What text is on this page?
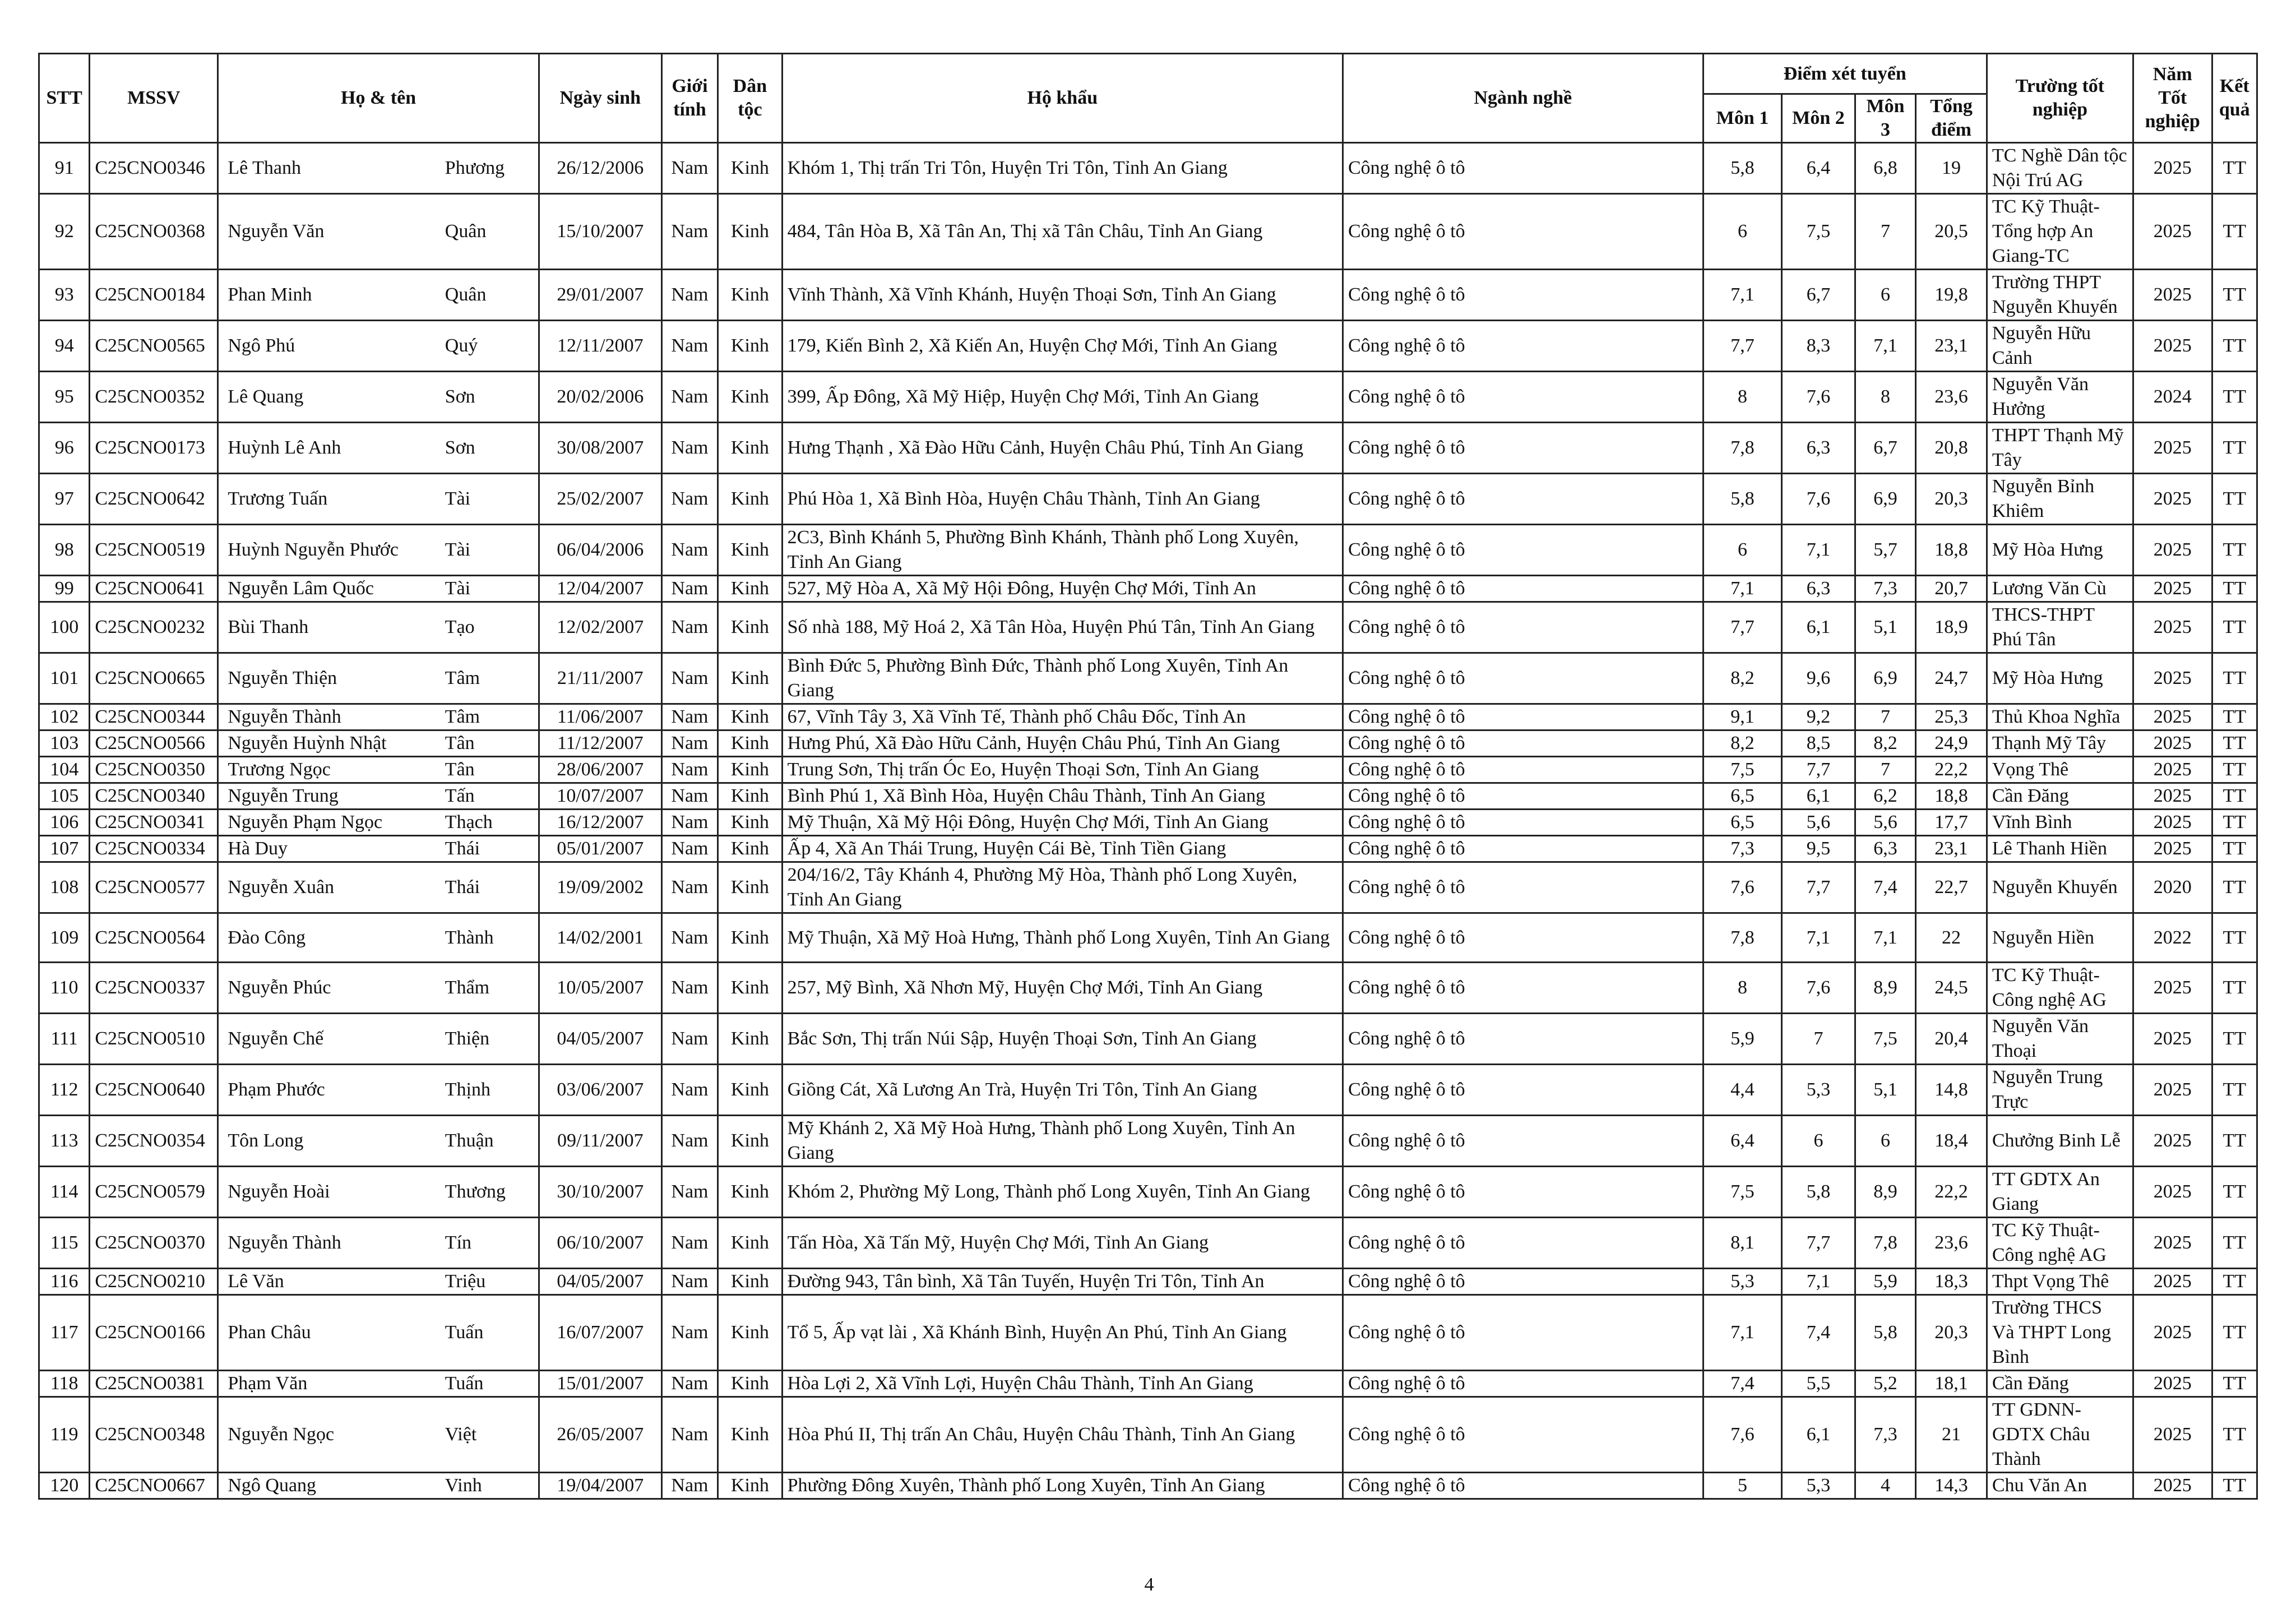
STT	MSSV	Họ & tên	Ngày sinh	Giới tính	Dân tộc	Hộ khẩu	Ngành nghề	Điểm xét tuyển				Trường tốt nghiệp	Năm Tốt nghiệp	Kết quả
								Môn 1	Môn 2	Môn 3	Tổng điểm			
91	C25CNO0346	Lê Thanh Phương	26/12/2006	Nam	Kinh	Khóm 1, Thị trấn Tri Tôn, Huyện Tri Tôn, Tỉnh An Giang	Công nghệ ô tô	5,8	6,4	6,8	19	TC Nghề Dân tộc Nội Trú AG	2025	TT
92	C25CNO0368	Nguyễn Văn Quân	15/10/2007	Nam	Kinh	484, Tân Hòa B, Xã Tân An, Thị xã Tân Châu, Tỉnh An Giang	Công nghệ ô tô	6	7,5	7	20,5	TC Kỹ Thuật-Tổng hợp An Giang-TC	2025	TT
93	C25CNO0184	Phan Minh Quân	29/01/2007	Nam	Kinh	Vĩnh Thành, Xã Vĩnh Khánh, Huyện Thoại Sơn, Tỉnh An Giang	Công nghệ ô tô	7,1	6,7	6	19,8	Trường THPT Nguyễn Khuyến	2025	TT
94	C25CNO0565	Ngô Phú Quý	12/11/2007	Nam	Kinh	179, Kiến Bình 2, Xã Kiến An, Huyện Chợ Mới, Tỉnh An Giang	Công nghệ ô tô	7,7	8,3	7,1	23,1	Nguyễn Hữu Cảnh	2025	TT
95	C25CNO0352	Lê Quang Sơn	20/02/2006	Nam	Kinh	399, Ấp Đông, Xã Mỹ Hiệp, Huyện Chợ Mới, Tỉnh An Giang	Công nghệ ô tô	8	7,6	8	23,6	Nguyễn Văn Hưởng	2024	TT
96	C25CNO0173	Huỳnh Lê Anh Sơn	30/08/2007	Nam	Kinh	Hưng Thạnh , Xã Đào Hữu Cảnh, Huyện Châu Phú, Tỉnh An Giang	Công nghệ ô tô	7,8	6,3	6,7	20,8	THPT Thạnh Mỹ Tây	2025	TT
97	C25CNO0642	Trương Tuấn Tài	25/02/2007	Nam	Kinh	Phú Hòa 1, Xã Bình Hòa, Huyện Châu Thành, Tỉnh An Giang	Công nghệ ô tô	5,8	7,6	6,9	20,3	Nguyễn Bỉnh Khiêm	2025	TT
98	C25CNO0519	Huỳnh Nguyễn Phước Tài	06/04/2006	Nam	Kinh	2C3, Bình Khánh 5, Phường Bình Khánh, Thành phố Long Xuyên, Tỉnh An Giang	Công nghệ ô tô	6	7,1	5,7	18,8	Mỹ Hòa Hưng	2025	TT
99	C25CNO0641	Nguyễn Lâm Quốc Tài	12/04/2007	Nam	Kinh	527, Mỹ Hòa A, Xã Mỹ Hội Đông, Huyện Chợ Mới, Tỉnh An	Công nghệ ô tô	7,1	6,3	7,3	20,7	Lương Văn Cù	2025	TT
100	C25CNO0232	Bùi Thanh Tạo	12/02/2007	Nam	Kinh	Số nhà 188, Mỹ Hoá 2, Xã Tân Hòa, Huyện Phú Tân, Tỉnh An Giang	Công nghệ ô tô	7,7	6,1	5,1	18,9	THCS-THPT Phú Tân	2025	TT
101	C25CNO0665	Nguyễn Thiện Tâm	21/11/2007	Nam	Kinh	Bình Đức 5, Phường Bình Đức, Thành phố Long Xuyên, Tỉnh An Giang	Công nghệ ô tô	8,2	9,6	6,9	24,7	Mỹ Hòa Hưng	2025	TT
102	C25CNO0344	Nguyễn Thành Tâm	11/06/2007	Nam	Kinh	67, Vĩnh Tây 3, Xã Vĩnh Tế, Thành phố Châu Đốc, Tỉnh An	Công nghệ ô tô	9,1	9,2	7	25,3	Thủ Khoa Nghĩa	2025	TT
103	C25CNO0566	Nguyễn Huỳnh Nhật Tân	11/12/2007	Nam	Kinh	Hưng Phú, Xã Đào Hữu Cảnh, Huyện Châu Phú, Tỉnh An Giang	Công nghệ ô tô	8,2	8,5	8,2	24,9	Thạnh Mỹ Tây	2025	TT
104	C25CNO0350	Trương Ngọc Tân	28/06/2007	Nam	Kinh	Trung Sơn, Thị trấn Óc Eo, Huyện Thoại Sơn, Tỉnh An Giang	Công nghệ ô tô	7,5	7,7	7	22,2	Vọng Thê	2025	TT
105	C25CNO0340	Nguyễn Trung Tấn	10/07/2007	Nam	Kinh	Bình Phú 1, Xã Bình Hòa, Huyện Châu Thành, Tỉnh An Giang	Công nghệ ô tô	6,5	6,1	6,2	18,8	Cần Đăng	2025	TT
106	C25CNO0341	Nguyễn Phạm Ngọc Thạch	16/12/2007	Nam	Kinh	Mỹ Thuận, Xã Mỹ Hội Đông, Huyện Chợ Mới, Tỉnh An Giang	Công nghệ ô tô	6,5	5,6	5,6	17,7	Vĩnh Bình	2025	TT
107	C25CNO0334	Hà Duy Thái	05/01/2007	Nam	Kinh	Ấp 4, Xã An Thái Trung, Huyện Cái Bè, Tỉnh Tiền Giang	Công nghệ ô tô	7,3	9,5	6,3	23,1	Lê Thanh Hiền	2025	TT
108	C25CNO0577	Nguyễn Xuân Thái	19/09/2002	Nam	Kinh	204/16/2, Tây Khánh 4, Phường Mỹ Hòa, Thành phố Long Xuyên, Tỉnh An Giang	Công nghệ ô tô	7,6	7,7	7,4	22,7	Nguyễn Khuyến	2020	TT
109	C25CNO0564	Đào Công Thành	14/02/2001	Nam	Kinh	Mỹ Thuận, Xã Mỹ Hoà Hưng, Thành phố Long Xuyên, Tỉnh An Giang	Công nghệ ô tô	7,8	7,1	7,1	22	Nguyễn Hiền	2022	TT
110	C25CNO0337	Nguyễn Phúc Thẩm	10/05/2007	Nam	Kinh	257, Mỹ Bình, Xã Nhơn Mỹ, Huyện Chợ Mới, Tỉnh An Giang	Công nghệ ô tô	8	7,6	8,9	24,5	TC Kỹ Thuật-Công nghệ AG	2025	TT
111	C25CNO0510	Nguyễn Chế Thiện	04/05/2007	Nam	Kinh	Bắc Sơn, Thị trấn Núi Sập, Huyện Thoại Sơn, Tỉnh An Giang	Công nghệ ô tô	5,9	7	7,5	20,4	Nguyễn Văn Thoại	2025	TT
112	C25CNO0640	Phạm Phước Thịnh	03/06/2007	Nam	Kinh	Giồng Cát, Xã Lương An Trà, Huyện Tri Tôn, Tỉnh An Giang	Công nghệ ô tô	4,4	5,3	5,1	14,8	Nguyễn Trung Trực	2025	TT
113	C25CNO0354	Tôn Long Thuận	09/11/2007	Nam	Kinh	Mỹ Khánh 2, Xã Mỹ Hoà Hưng, Thành phố Long Xuyên, Tỉnh An Giang	Công nghệ ô tô	6,4	6	6	18,4	Chưởng Binh Lễ	2025	TT
114	C25CNO0579	Nguyễn Hoài Thương	30/10/2007	Nam	Kinh	Khóm 2, Phường Mỹ Long, Thành phố Long Xuyên, Tỉnh An Giang	Công nghệ ô tô	7,5	5,8	8,9	22,2	TT GDTX An Giang	2025	TT
115	C25CNO0370	Nguyễn Thành Tín	06/10/2007	Nam	Kinh	Tấn Hòa, Xã Tấn Mỹ, Huyện Chợ Mới, Tỉnh An Giang	Công nghệ ô tô	8,1	7,7	7,8	23,6	TC Kỹ Thuật-Công nghệ AG	2025	TT
116	C25CNO0210	Lê Văn Triệu	04/05/2007	Nam	Kinh	Đường 943, Tân bình, Xã Tân Tuyến, Huyện Tri Tôn, Tỉnh An	Công nghệ ô tô	5,3	7,1	5,9	18,3	Thpt Vọng Thê	2025	TT
117	C25CNO0166	Phan Châu Tuấn	16/07/2007	Nam	Kinh	Tổ 5, Ấp vạt lài , Xã Khánh Bình, Huyện An Phú, Tỉnh An Giang	Công nghệ ô tô	7,1	7,4	5,8	20,3	Trường THCS Và THPT Long Bình	2025	TT
118	C25CNO0381	Phạm Văn Tuấn	15/01/2007	Nam	Kinh	Hòa Lợi 2, Xã Vĩnh Lợi, Huyện Châu Thành, Tỉnh An Giang	Công nghệ ô tô	7,4	5,5	5,2	18,1	Cần Đăng	2025	TT
119	C25CNO0348	Nguyễn Ngọc Việt	26/05/2007	Nam	Kinh	Hòa Phú II, Thị trấn An Châu, Huyện Châu Thành, Tỉnh An Giang	Công nghệ ô tô	7,6	6,1	7,3	21	TT GDNN-GDTX Châu Thành	2025	TT
120	C25CNO0667	Ngô Quang Vinh	19/04/2007	Nam	Kinh	Phường Đông Xuyên, Thành phố Long Xuyên, Tỉnh An Giang	Công nghệ ô tô	5	5,3	4	14,3	Chu Văn An	2025	TT
4
